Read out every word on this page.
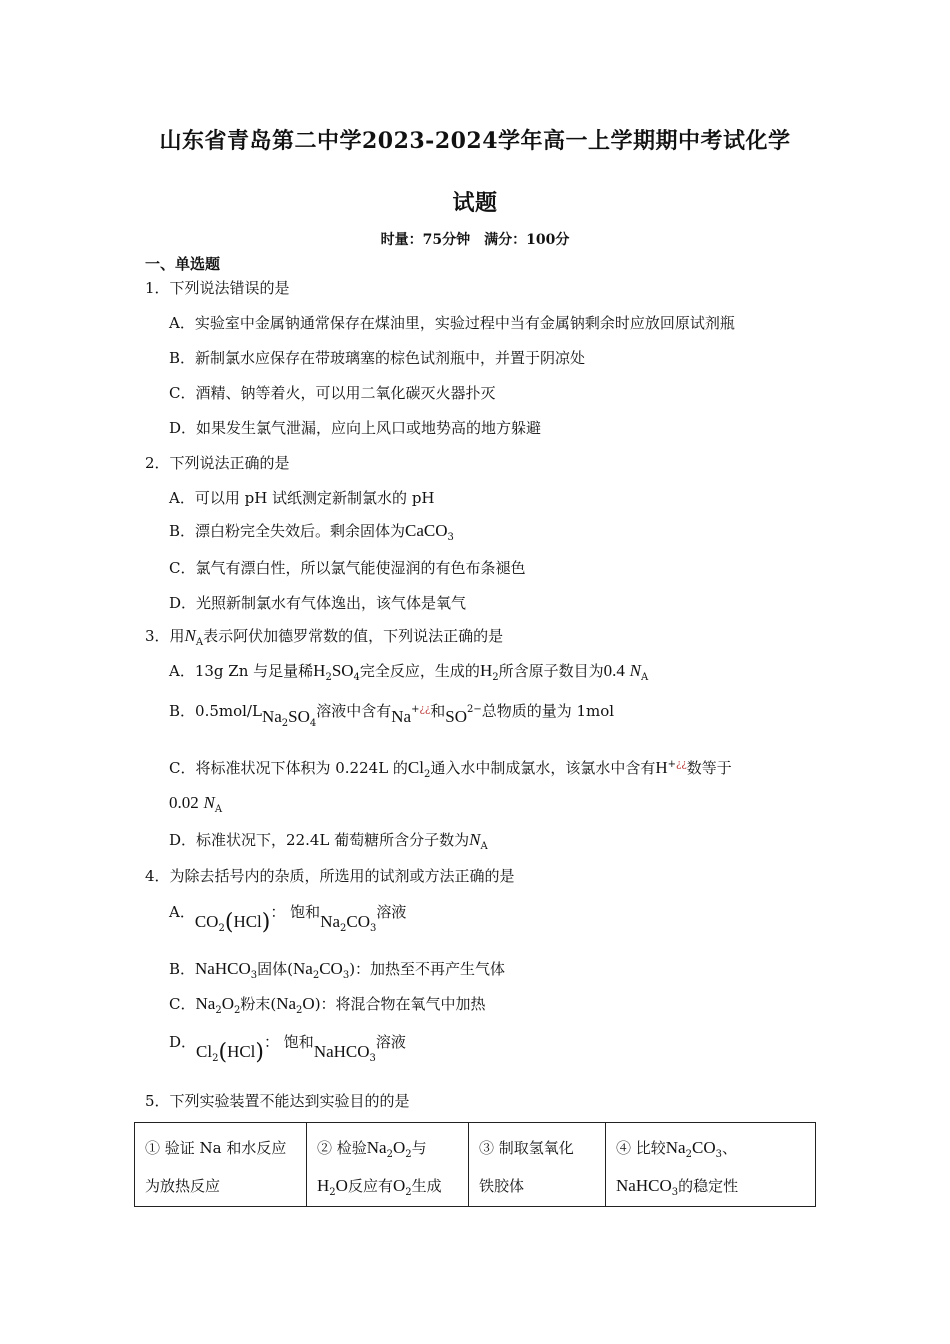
山东省青岛第二中学2023-2024学年高一上学期期中考试化学
试题
时量：75分钟　满分：100分
一、单选题
1．下列说法错误的是
A．实验室中金属钠通常保存在煤油里，实验过程中当有金属钠剩余时应放回原试剂瓶
B．新制氯水应保存在带玻璃塞的棕色试剂瓶中，并置于阴凉处
C．酒精、钠等着火，可以用二氧化碳灭火器扑灭
D．如果发生氯气泄漏，应向上风口或地势高的地方躲避
2．下列说法正确的是
A．可以用 pH 试纸测定新制氯水的 pH
B．漂白粉完全失效后。剩余固体为CaCO$_3$
C．氯气有漂白性，所以氯气能使湿润的有色布条褪色
D．光照新制氯水有气体逸出，该气体是氧气
3．用$N_A$表示阿伏加德罗常数的值，下列说法正确的是
A．13g Zn 与足量稀$H_2SO_4$完全反应，生成的$H_2$所含原子数目为0.4 $N_A$
B．$0.5mol/LNa_2SO_4$溶液中含有Na+¿¿和$SO^{2-}$总物质的量为 1mol
C．将标准状况下体积为 0.224L 的$Cl_2$通入水中制成氯水，该氯水中含有H+¿¿数等于
0.02 $N_A$
D．标准状况下，22.4L 葡萄糖所含分子数为$N_A$
4．为除去括号内的杂质，所选用的试剂或方法正确的是
A．$CO_2(HCl)$： 饱和$Na_2CO_3$溶液
B．NaHCO$_3$固体$(Na_2CO_3)$：加热至不再产生气体
C．$Na_2O_2$粉末$(Na_2O)$：将混合物在氧气中加热
D．$Cl_2(HCl)$： 饱和NaHCO$_3$溶液
5．下列实验装置不能达到实验目的的是
① 验证 Na 和水反应
为放热反应
② 检验$Na_2O_2$与
$H_2O$反应有$O_2$生成
③ 制取氢氧化
铁胶体
④ 比较$Na_2CO_3$、
NaHCO$_3$的稳定性
